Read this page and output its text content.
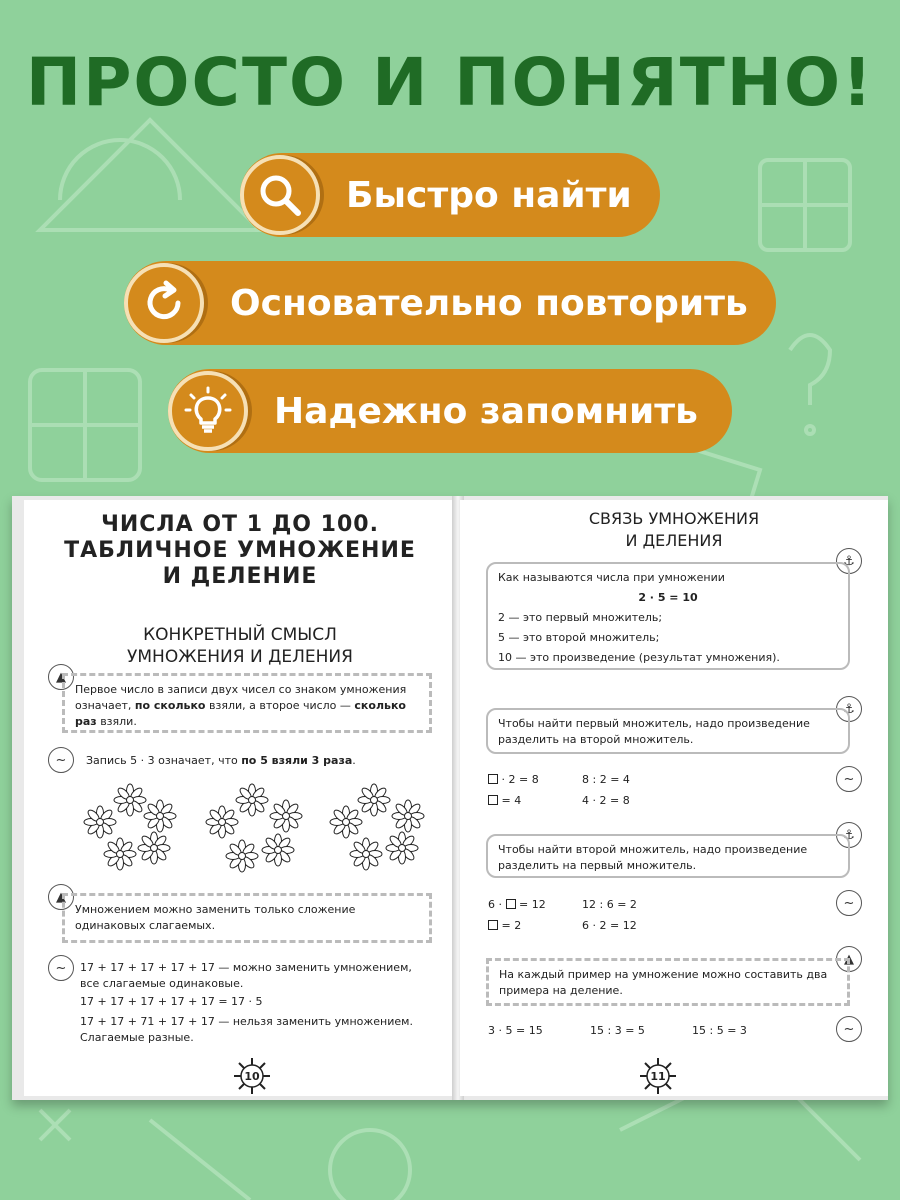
ПРОСТО И ПОНЯТНО!
Быстро найти
Основательно повторить
Надежно запомнить
ЧИСЛА ОТ 1 ДО 100.
ТАБЛИЧНОЕ УМНОЖЕНИЕ
И ДЕЛЕНИЕ
КОНКРЕТНЫЙ СМЫСЛ
УМНОЖЕНИЯ И ДЕЛЕНИЯ
▲
Первое число в записи двух чисел со знаком умножения означает, по сколько взяли, а второе число — сколько раз взяли.
~	Запись 5 · 3 означает, что по 5 взяли 3 раза.
▲
Умножением можно заменить только сложение одинаковых слагаемых.
~	17 + 17 + 17 + 17 + 17 — можно заменить умножением, все слагаемые одинаковые.
17 + 17 + 17 + 17 + 17 = 17 · 5
17 + 17 + 71 + 17 + 17 — нельзя заменить умножением. Слагаемые разные.
10
СВЯЗЬ УМНОЖЕНИЯ
И ДЕЛЕНИЯ
⚓
Как называются числа при умножении
2 · 5 = 10
2 — это первый множитель;
5 — это второй множитель;
10 — это произведение (результат умножения).
⚓
Чтобы найти первый множитель, надо произведение разделить на второй множитель.
~
· 2 = 8	8 : 2 = 4
= 4	4 · 2 = 8
⚓
Чтобы найти второй множитель, надо произведение разделить на первый множитель.
~
6 · = 12	12 : 6 = 2
= 2	6 · 2 = 12
▲
На каждый пример на умножение можно составить два примера на деление.
~
3 · 5 = 15	15 : 3 = 5	15 : 5 = 3
11
